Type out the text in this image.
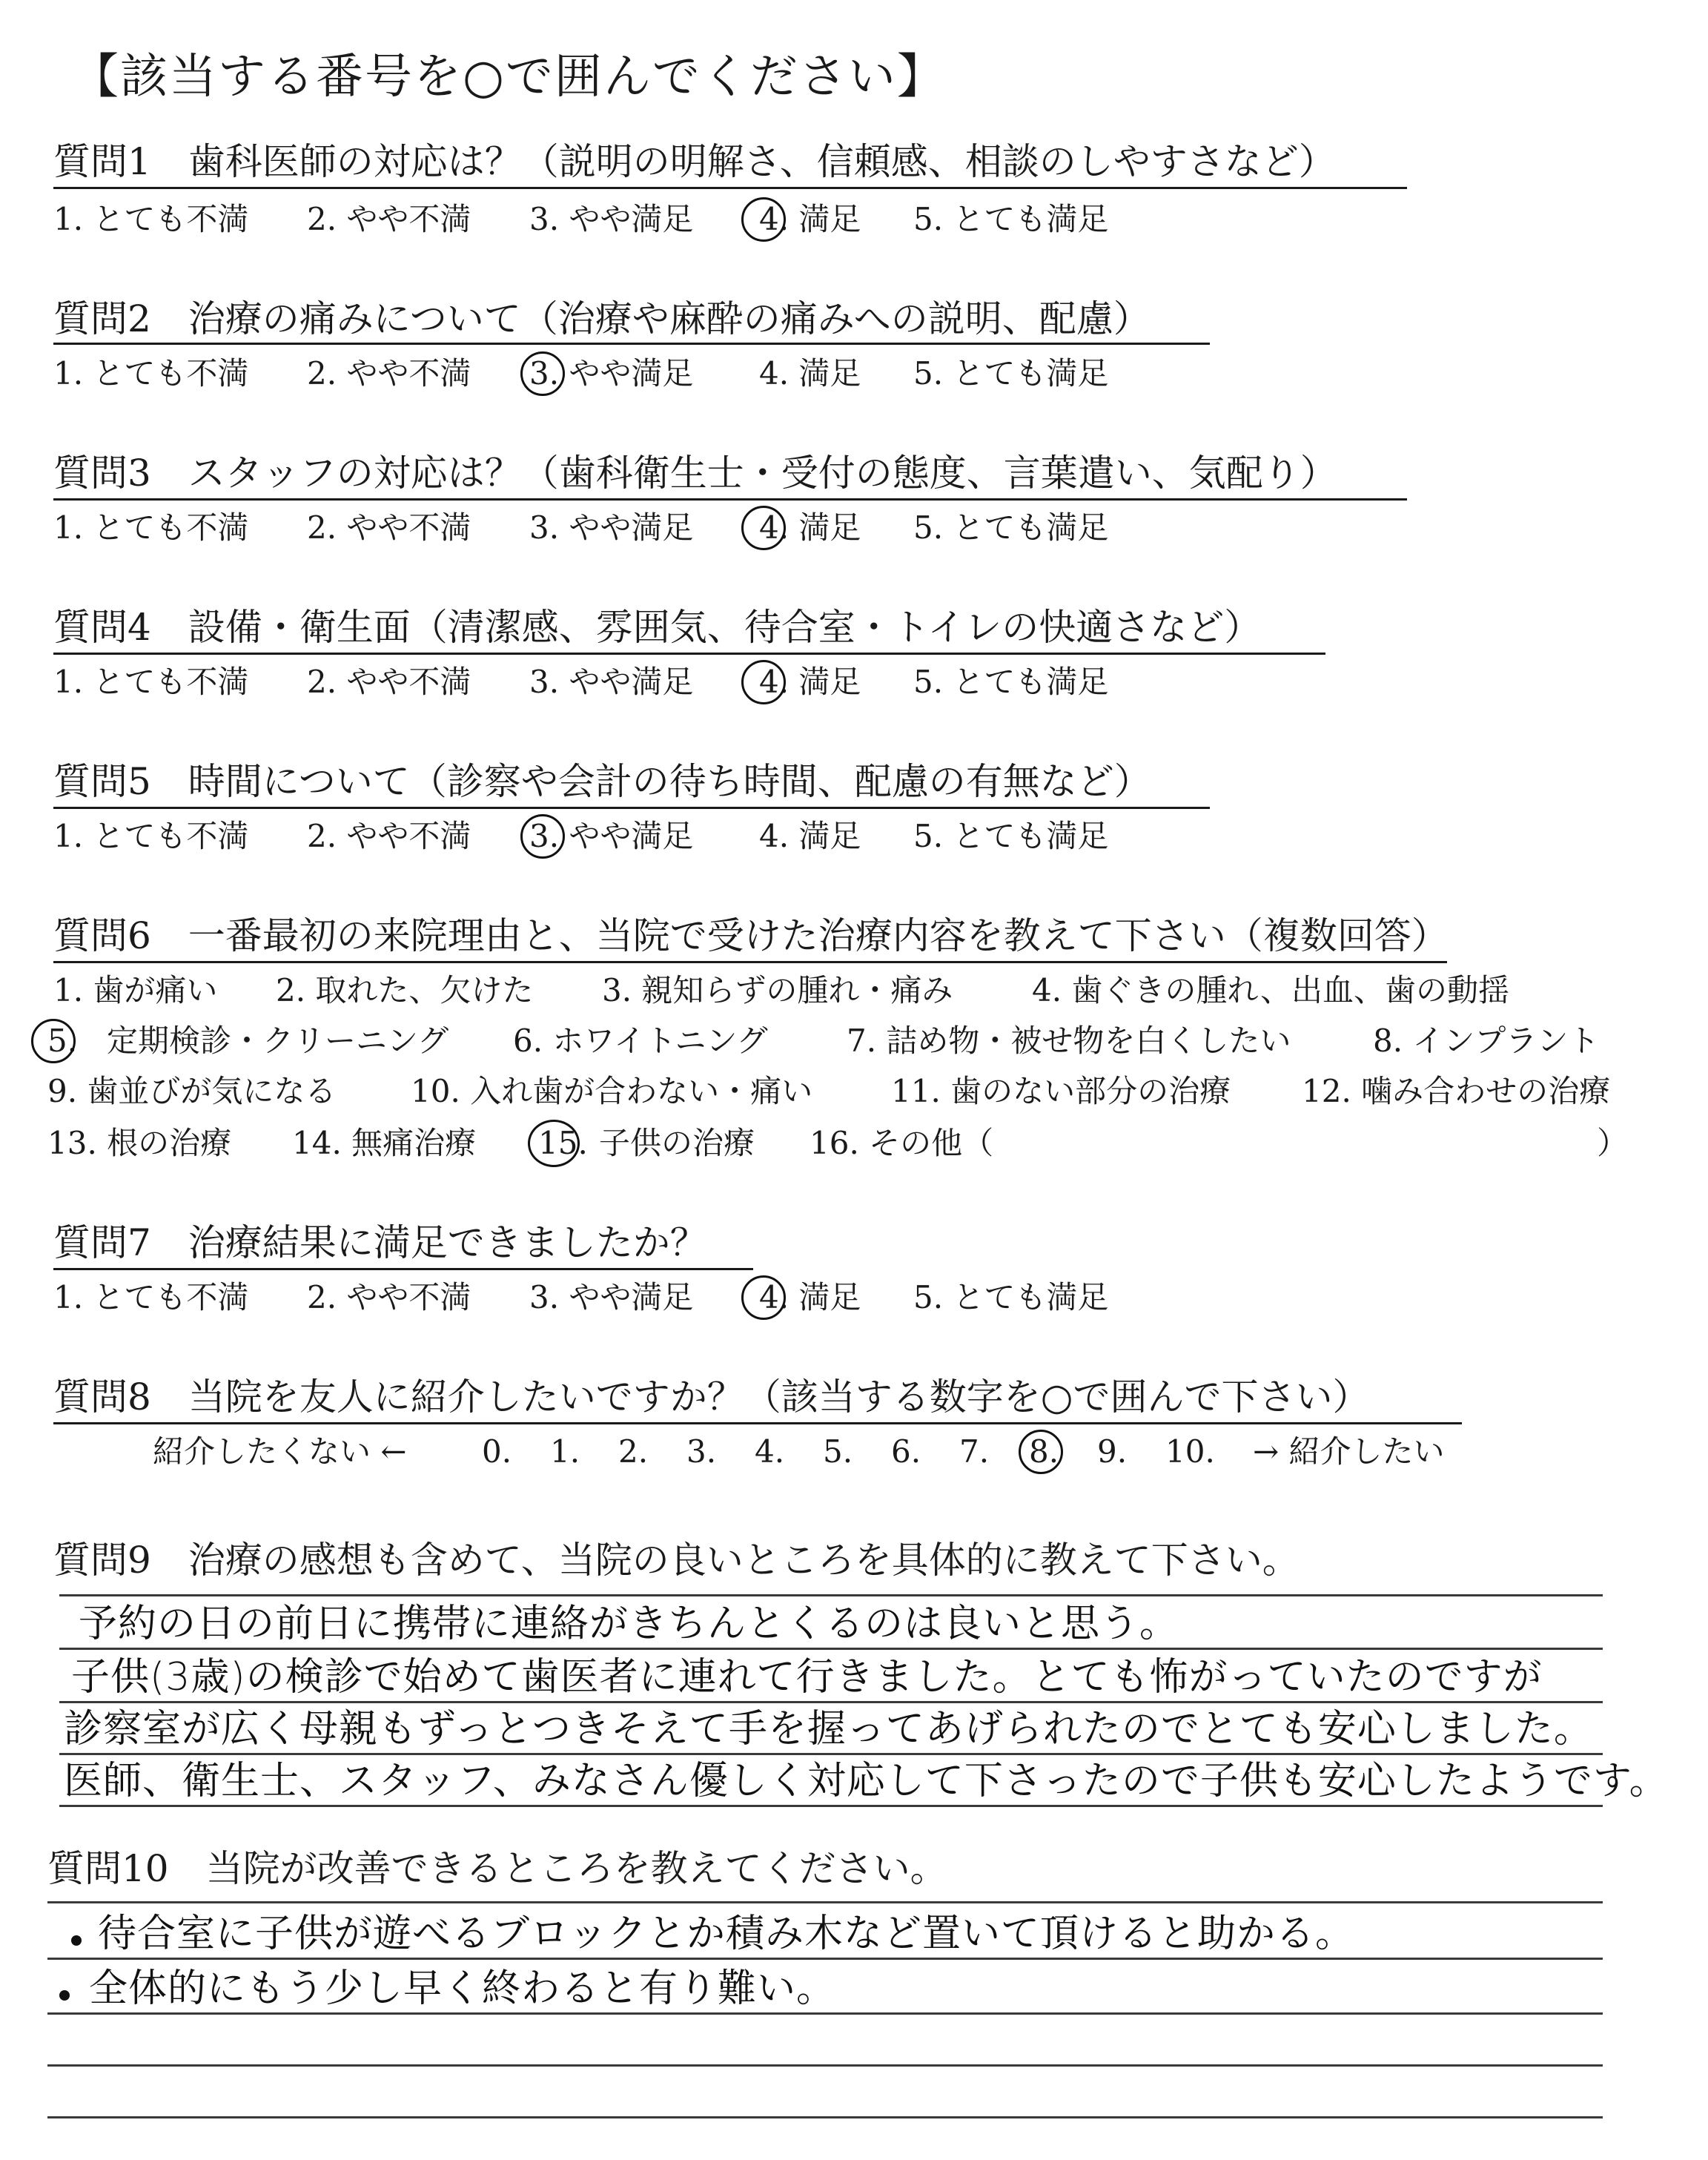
【該当する番号を○で囲んでください】
質問1　歯科医師の対応は？（説明の明解さ、信頼感、相談のしやすさなど）
1. とても不満 2. やや不満 3. やや満足 4. 満足 5. とても満足
質問2　治療の痛みについて（治療や麻酔の痛みへの説明、配慮）
1. とても不満 2. やや不満 3. やや満足 4. 満足 5. とても満足
質問3　スタッフの対応は？（歯科衛生士・受付の態度、言葉遣い、気配り）
1. とても不満 2. やや不満 3. やや満足 4. 満足 5. とても満足
質問4　設備・衛生面（清潔感、雰囲気、待合室・トイレの快適さなど）
1. とても不満 2. やや不満 3. やや満足 4. 満足 5. とても満足
質問5　時間について（診察や会計の待ち時間、配慮の有無など）
1. とても不満 2. やや不満 3. やや満足 4. 満足 5. とても満足
質問6　一番最初の来院理由と、当院で受けた治療内容を教えて下さい（複数回答）
1. 歯が痛い 2. 取れた、欠けた 3. 親知らずの腫れ・痛み	4. 歯ぐきの腫れ、出血、歯の動揺
5. 定期検診・クリーニング 6. ホワイトニング	7. 詰め物・被せ物を白くしたい	8. インプラント
9. 歯並びが気になる 10. 入れ歯が合わない・痛い	11. 歯のない部分の治療 12. 噛み合わせの治療
13. 根の治療 14. 無痛治療 15. 子供の治療 16. その他（	）
質問7　治療結果に満足できましたか？
1. とても不満 2. やや不満 3. やや満足 4. 満足 5. とても満足
質問8　当院を友人に紹介したいですか？（該当する数字を○で囲んで下さい）
紹介したくない ← 0. 1. 2. 3. 4. 5. 6. 7. 8. 9. 10. → 紹介したい
質問9　治療の感想も含めて、当院の良いところを具体的に教えて下さい。
予約の日の前日に携帯に連絡がきちんとくるのは良いと思う。
子供(3歳)の検診で始めて歯医者に連れて行きました。とても怖がっていたのですが
診察室が広く母親もずっとつきそえて手を握ってあげられたのでとても安心しました。
医師、衛生士、スタッフ、みなさん優しく対応して下さったので子供も安心したようです。
質問10　当院が改善できるところを教えてください。
待合室に子供が遊べるブロックとか積み木など置いて頂けると助かる。
全体的にもう少し早く終わると有り難い。
